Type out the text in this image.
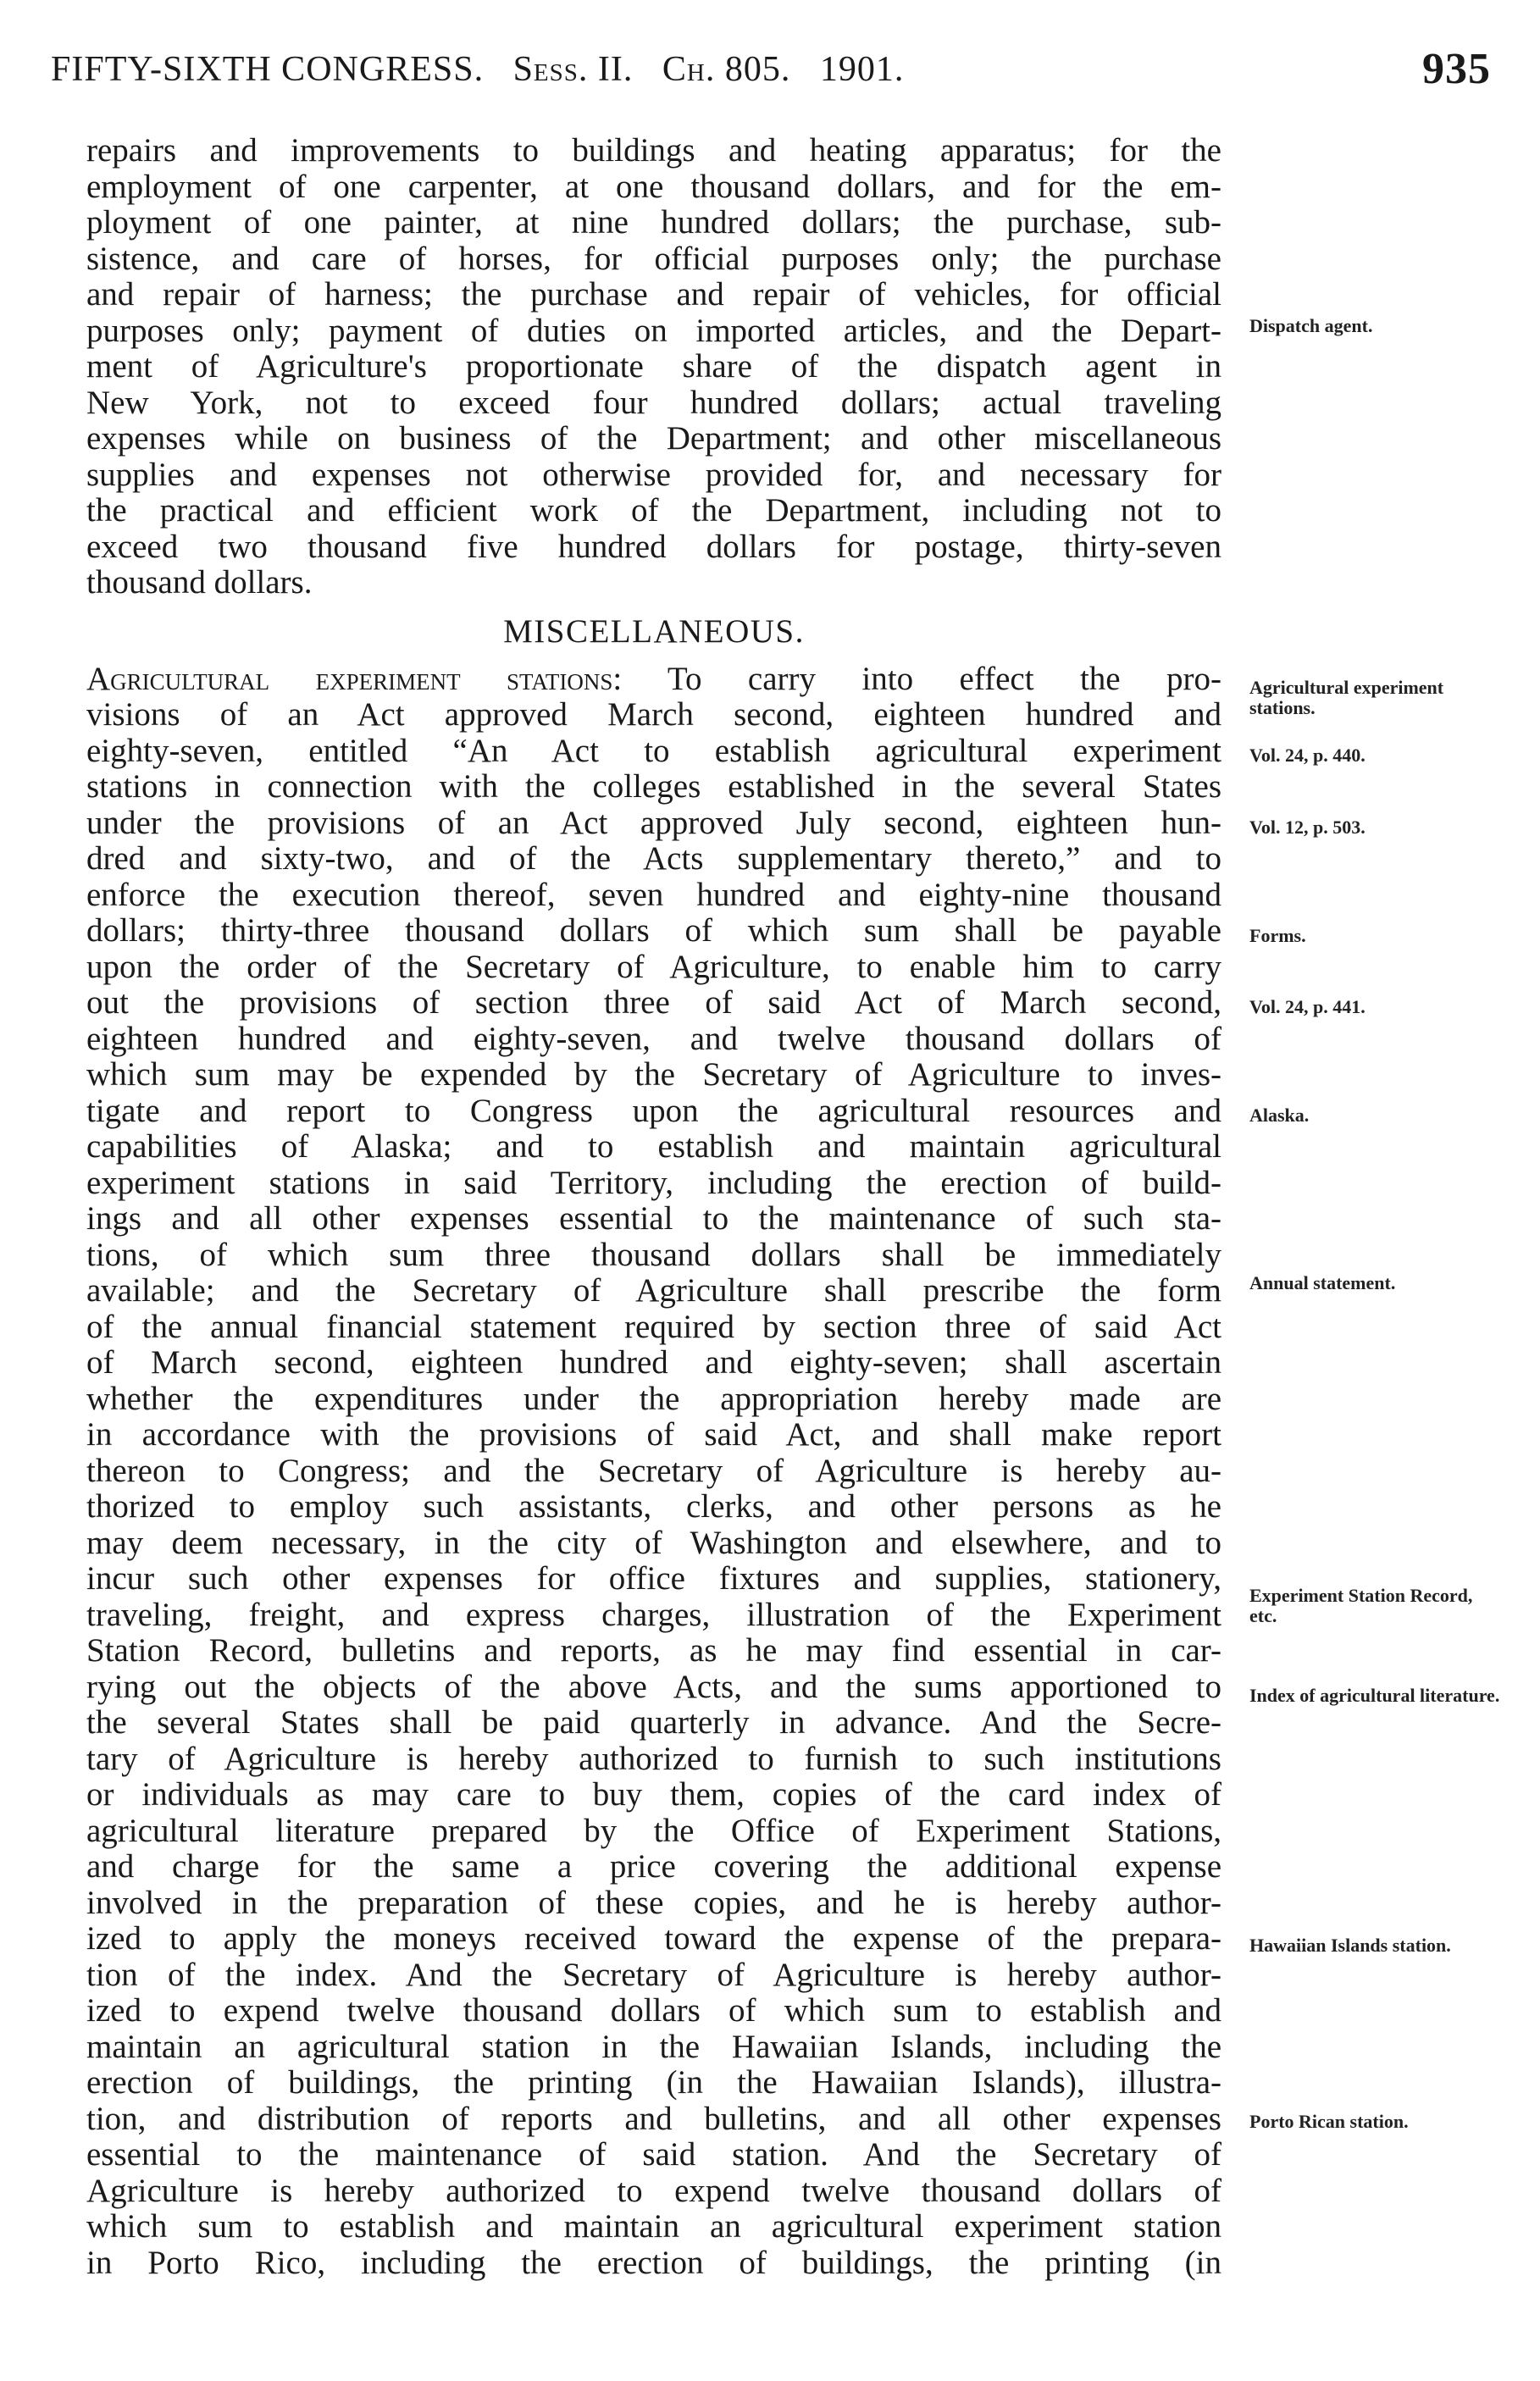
FIFTY-SIXTH CONGRESS. Sess. II. Ch. 805. 1901.	935
repairs and improvements to buildings and heating apparatus; for the
employment of one carpenter, at one thousand dollars, and for the em-
ployment of one painter, at nine hundred dollars; the purchase, sub-
sistence, and care of horses, for official purposes only; the purchase
and repair of harness; the purchase and repair of vehicles, for official
purposes only; payment of duties on imported articles, and the Depart-
ment of Agriculture's proportionate share of the dispatch agent in
New York, not to exceed four hundred dollars; actual traveling
expenses while on business of the Department; and other miscellaneous
supplies and expenses not otherwise provided for, and necessary for
the practical and efficient work of the Department, including not to
exceed two thousand five hundred dollars for postage, thirty-seven
thousand dollars.
MISCELLANEOUS.
Agricultural experiment stations: To carry into effect the pro-
visions of an Act approved March second, eighteen hundred and
eighty-seven, entitled “An Act to establish agricultural experiment
stations in connection with the colleges established in the several States
under the provisions of an Act approved July second, eighteen hun-
dred and sixty-two, and of the Acts supplementary thereto,” and to
enforce the execution thereof, seven hundred and eighty-nine thousand
dollars; thirty-three thousand dollars of which sum shall be payable
upon the order of the Secretary of Agriculture, to enable him to carry
out the provisions of section three of said Act of March second,
eighteen hundred and eighty-seven, and twelve thousand dollars of
which sum may be expended by the Secretary of Agriculture to inves-
tigate and report to Congress upon the agricultural resources and
capabilities of Alaska; and to establish and maintain agricultural
experiment stations in said Territory, including the erection of build-
ings and all other expenses essential to the maintenance of such sta-
tions, of which sum three thousand dollars shall be immediately
available; and the Secretary of Agriculture shall prescribe the form
of the annual financial statement required by section three of said Act
of March second, eighteen hundred and eighty-seven; shall ascertain
whether the expenditures under the appropriation hereby made are
in accordance with the provisions of said Act, and shall make report
thereon to Congress; and the Secretary of Agriculture is hereby au-
thorized to employ such assistants, clerks, and other persons as he
may deem necessary, in the city of Washington and elsewhere, and to
incur such other expenses for office fixtures and supplies, stationery,
traveling, freight, and express charges, illustration of the Experiment
Station Record, bulletins and reports, as he may find essential in car-
rying out the objects of the above Acts, and the sums apportioned to
the several States shall be paid quarterly in advance. And the Secre-
tary of Agriculture is hereby authorized to furnish to such institutions
or individuals as may care to buy them, copies of the card index of
agricultural literature prepared by the Office of Experiment Stations,
and charge for the same a price covering the additional expense
involved in the preparation of these copies, and he is hereby author-
ized to apply the moneys received toward the expense of the prepara-
tion of the index. And the Secretary of Agriculture is hereby author-
ized to expend twelve thousand dollars of which sum to establish and
maintain an agricultural station in the Hawaiian Islands, including the
erection of buildings, the printing (in the Hawaiian Islands), illustra-
tion, and distribution of reports and bulletins, and all other expenses
essential to the maintenance of said station. And the Secretary of
Agriculture is hereby authorized to expend twelve thousand dollars of
which sum to establish and maintain an agricultural experiment station
in Porto Rico, including the erection of buildings, the printing (in
Dispatch agent.
Agricultural experiment stations.
Vol. 24, p. 440.
Vol. 12, p. 503.
Forms.
Vol. 24, p. 441.
Alaska.
Annual statement.
Experiment Station Record, etc.
Index of agricultural literature.
Hawaiian Islands station.
Porto Rican station.
